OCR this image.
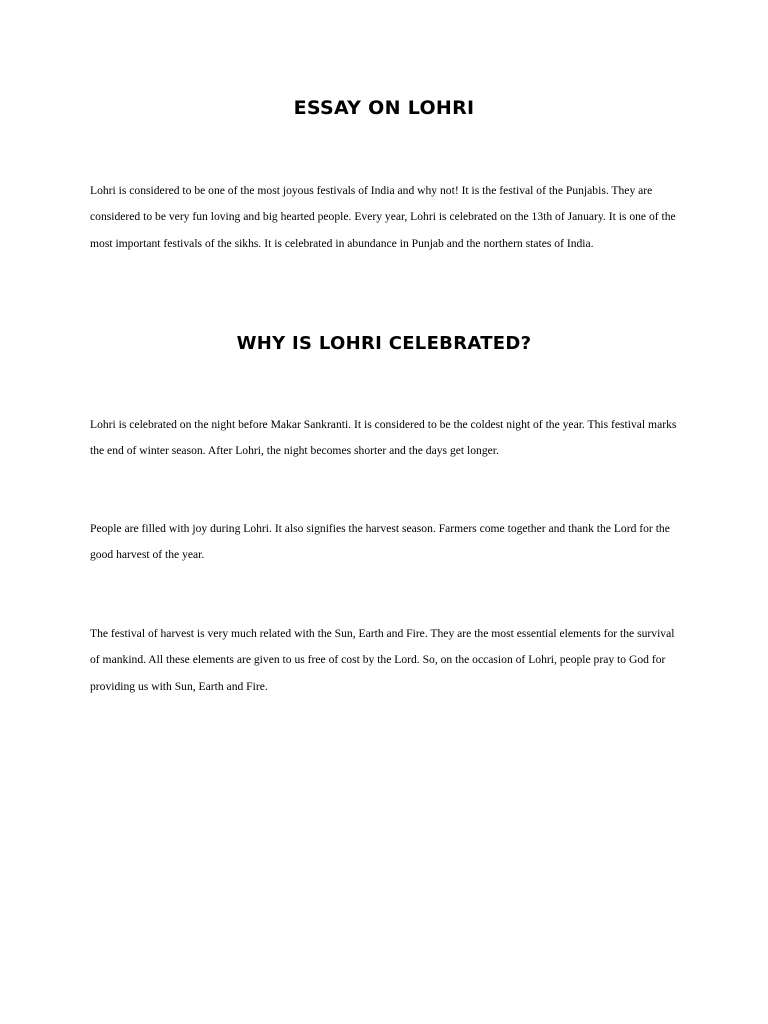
ESSAY ON LOHRI

Lohri is considered to be one of the most joyous festivals of India and why not! It is the festival of the Punjabis. They are considered to be very fun loving and big hearted people. Every year, Lohri is celebrated on the 13th of January. It is one of the most important festivals of the sikhs. It is celebrated in abundance in Punjab and the northern states of India.

WHY IS LOHRI CELEBRATED?

Lohri is celebrated on the night before Makar Sankranti. It is considered to be the coldest night of the year. This festival marks the end of winter season. After Lohri, the night becomes shorter and the days get longer.

People are filled with joy during Lohri. It also signifies the harvest season. Farmers come together and thank the Lord for the good harvest of the year.

The festival of harvest is very much related with the Sun, Earth and Fire. They are the most essential elements for the survival of mankind. All these elements are given to us free of cost by the Lord. So, on the occasion of Lohri, people pray to God for providing us with Sun, Earth and Fire.
